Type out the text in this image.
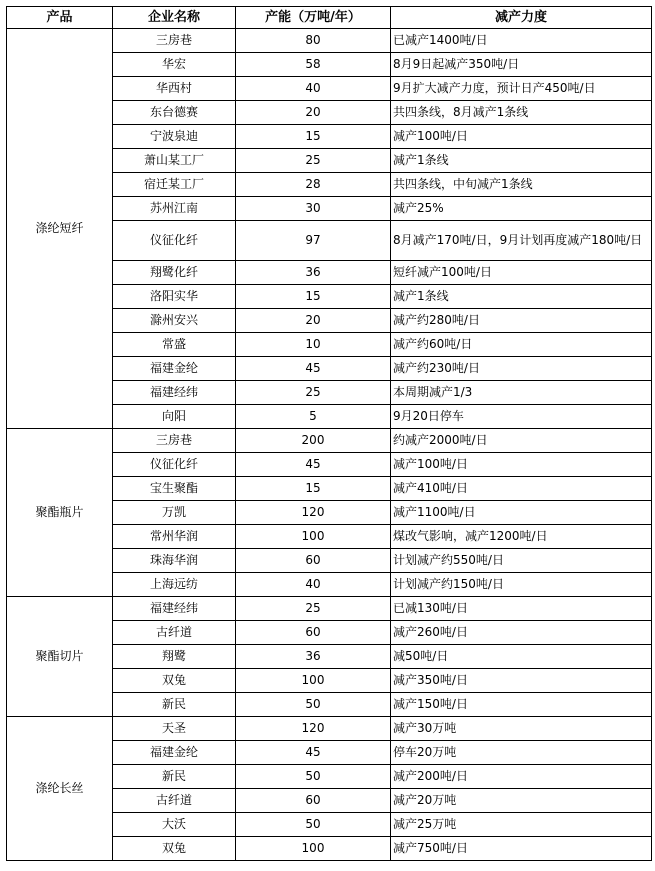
产品	企业名称	产能（万吨/年）	减产力度
涤纶短纤	三房巷	80	已减产1400吨/日
	华宏	58	8月9日起减产350吨/日
	华西村	40	9月扩大减产力度，预计日产450吨/日
	东台德赛	20	共四条线，8月减产1条线
	宁波泉迪	15	减产100吨/日
	萧山某工厂	25	减产1条线
	宿迁某工厂	28	共四条线，中旬减产1条线
	苏州江南	30	减产25%
	仪征化纤	97	8月减产170吨/日，9月计划再度减产180吨/日
	翔鹭化纤	36	短纤减产100吨/日
	洛阳实华	15	减产1条线
	滁州安兴	20	减产约280吨/日
	常盛	10	减产约60吨/日
	福建金纶	45	减产约230吨/日
	福建经纬	25	本周期减产1/3
	向阳	5	9月20日停车
聚酯瓶片	三房巷	200	约减产2000吨/日
	仪征化纤	45	减产100吨/日
	宝生聚酯	15	减产410吨/日
	万凯	120	减产1100吨/日
	常州华润	100	煤改气影响，减产1200吨/日
	珠海华润	60	计划减产约550吨/日
	上海远纺	40	计划减产约150吨/日
聚酯切片	福建经纬	25	已减130吨/日
	古纤道	60	减产260吨/日
	翔鹭	36	减50吨/日
	双兔	100	减产350吨/日
	新民	50	减产150吨/日
涤纶长丝	天圣	120	减产30万吨
	福建金纶	45	停车20万吨
	新民	50	减产200吨/日
	古纤道	60	减产20万吨
	大沃	50	减产25万吨
	双兔	100	减产750吨/日
